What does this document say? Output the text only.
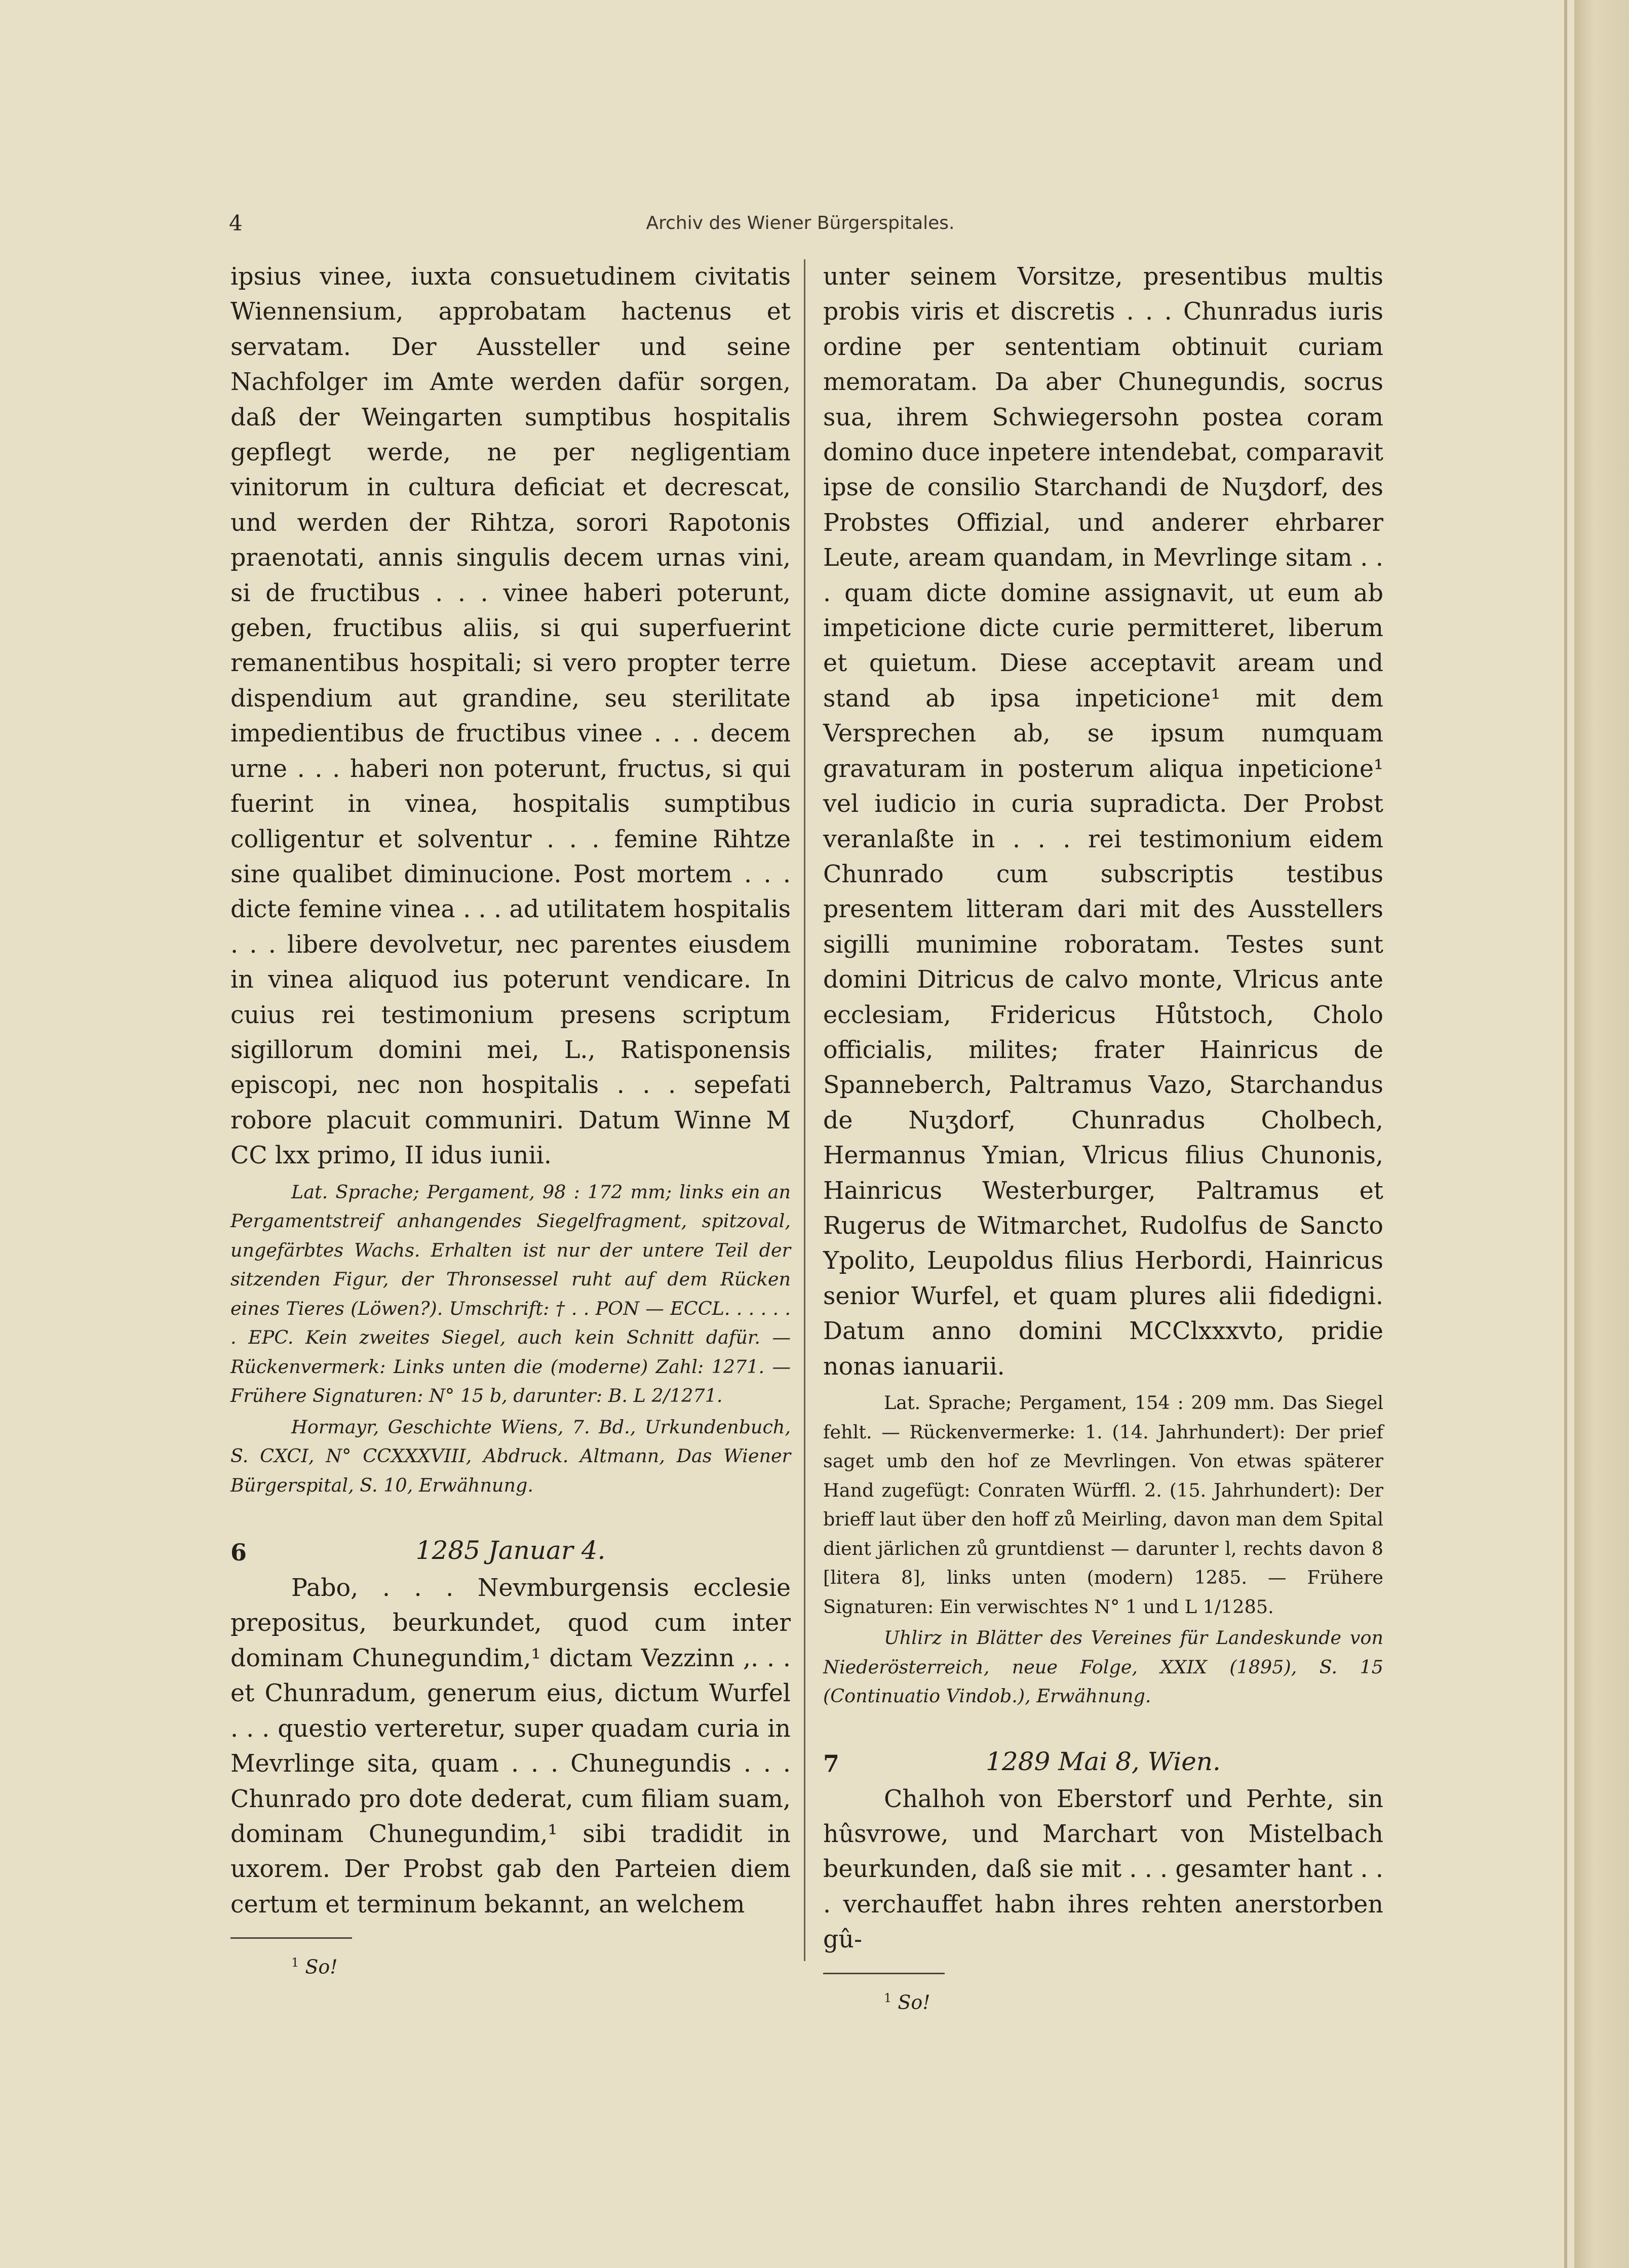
4	Archiv des Wiener Bürgerspitales.

ipsius vinee, iuxta consuetudinem civitatis Wiennensium, approbatam hactenus et servatam. Der Aussteller und seine Nachfolger im Amte werden dafür sorgen, daß der Weingarten sumptibus hospitalis gepflegt werde, ne per negligentiam vinitorum in cultura deficiat et decrescat, und werden der Rihtza, sorori Rapotonis praenotati, annis singulis decem urnas vini, si de fructibus . . . vinee haberi poterunt, geben, fructibus aliis, si qui superfuerint remanentibus hospitali; si vero propter terre dispendium aut grandine, seu sterilitate impedientibus de fructibus vinee . . . decem urne . . . haberi non poterunt, fructus, si qui fuerint in vinea, hospitalis sumptibus colligentur et solventur . . . femine Rihtze sine qualibet diminucione. Post mortem . . . dicte femine vinea . . . ad utilitatem hospitalis . . . libere devolvetur, nec parentes eiusdem in vinea aliquod ius poterunt vendicare. In cuius rei testimonium presens scriptum sigillorum domini mei, L., Ratisponensis episcopi, nec non hospitalis . . . sepefati robore placuit communiri. Datum Winne M CC lxx primo, II idus iunii.

Lat. Sprache; Pergament, 98 : 172 mm; links ein an Pergamentstreif anhangendes Siegelfragment, spitzoval, ungefärbtes Wachs. Erhalten ist nur der untere Teil der sitzenden Figur, der Thronsessel ruht auf dem Rücken eines Tieres (Löwen?). Umschrift: † . . PON — ECCL. . . . . . . EPC. Kein zweites Siegel, auch kein Schnitt dafür. — Rückenvermerk: Links unten die (moderne) Zahl: 1271. — Frühere Signaturen: N° 15 b, darunter: B. L 2/1271.

Hormayr, Geschichte Wiens, 7. Bd., Urkundenbuch, S. CXCI, N° CCXXXVIII, Abdruck. Altmann, Das Wiener Bürgerspital, S. 10, Erwähnung.

6	1285 Januar 4.

Pabo, . . . Nevmburgensis ecclesie prepositus, beurkundet, quod cum inter dominam Chunegundim,¹ dictam Vezzinn ,. . . et Chunradum, generum eius, dictum Wurfel . . . questio verteretur, super quadam curia in Mevrlinge sita, quam . . . Chunegundis . . . Chunrado pro dote dederat, cum filiam suam, dominam Chunegundim,¹ sibi tradidit in uxorem. Der Probst gab den Parteien diem certum et terminum bekannt, an welchem

$^1$ So!

unter seinem Vorsitze, presentibus multis probis viris et discretis . . . Chunradus iuris ordine per sententiam obtinuit curiam memoratam. Da aber Chunegundis, socrus sua, ihrem Schwiegersohn postea coram domino duce inpetere intendebat, comparavit ipse de consilio Starchandi de Nuʒdorf, des Probstes Offizial, und anderer ehrbarer Leute, aream quandam, in Mevrlinge sitam . . . quam dicte domine assignavit, ut eum ab impeticione dicte curie permitteret, liberum et quietum. Diese acceptavit aream und stand ab ipsa inpeticione¹ mit dem Versprechen ab, se ipsum numquam gravaturam in posterum aliqua inpeticione¹ vel iudicio in curia supradicta. Der Probst veranlaßte in . . . rei testimonium eidem Chunrado cum subscriptis testibus presentem litteram dari mit des Ausstellers sigilli munimine roboratam. Testes sunt domini Ditricus de calvo monte, Vlricus ante ecclesiam, Fridericus Hůtstoch, Cholo officialis, milites; frater Hainricus de Spanneberch, Paltramus Vazo, Starchandus de Nuʒdorf, Chunradus Cholbech, Hermannus Ymian, Vlricus filius Chunonis, Hainricus Westerburger, Paltramus et Rugerus de Witmarchet, Rudolfus de Sancto Ypolito, Leupoldus filius Herbordi, Hainricus senior Wurfel, et quam plures alii fidedigni. Datum anno domini MCClxxxvto, pridie nonas ianuarii.

Lat. Sprache; Pergament, 154 : 209 mm. Das Siegel fehlt. — Rückenvermerke: 1. (14. Jahrhundert): Der prief saget umb den hof ze Mevrlingen. Von etwas späterer Hand zugefügt: Conraten Würffl. 2. (15. Jahrhundert): Der brieff laut über den hoff zů Meirling, davon man dem Spital dient järlichen zů gruntdienst — darunter l, rechts davon 8 [litera 8], links unten (modern) 1285. — Frühere Signaturen: Ein verwischtes N° 1 und L 1/1285.

Uhlirz in Blätter des Vereines für Landeskunde von Niederösterreich, neue Folge, XXIX (1895), S. 15 (Continuatio Vindob.), Erwähnung.

7	1289 Mai 8, Wien.

Chalhoh von Eberstorf und Perhte, sin hûsvrowe, und Marchart von Mistelbach beurkunden, daß sie mit . . . gesamter hant . . . verchauffet habn ihres rehten anerstorben gû-

$^1$ So!
